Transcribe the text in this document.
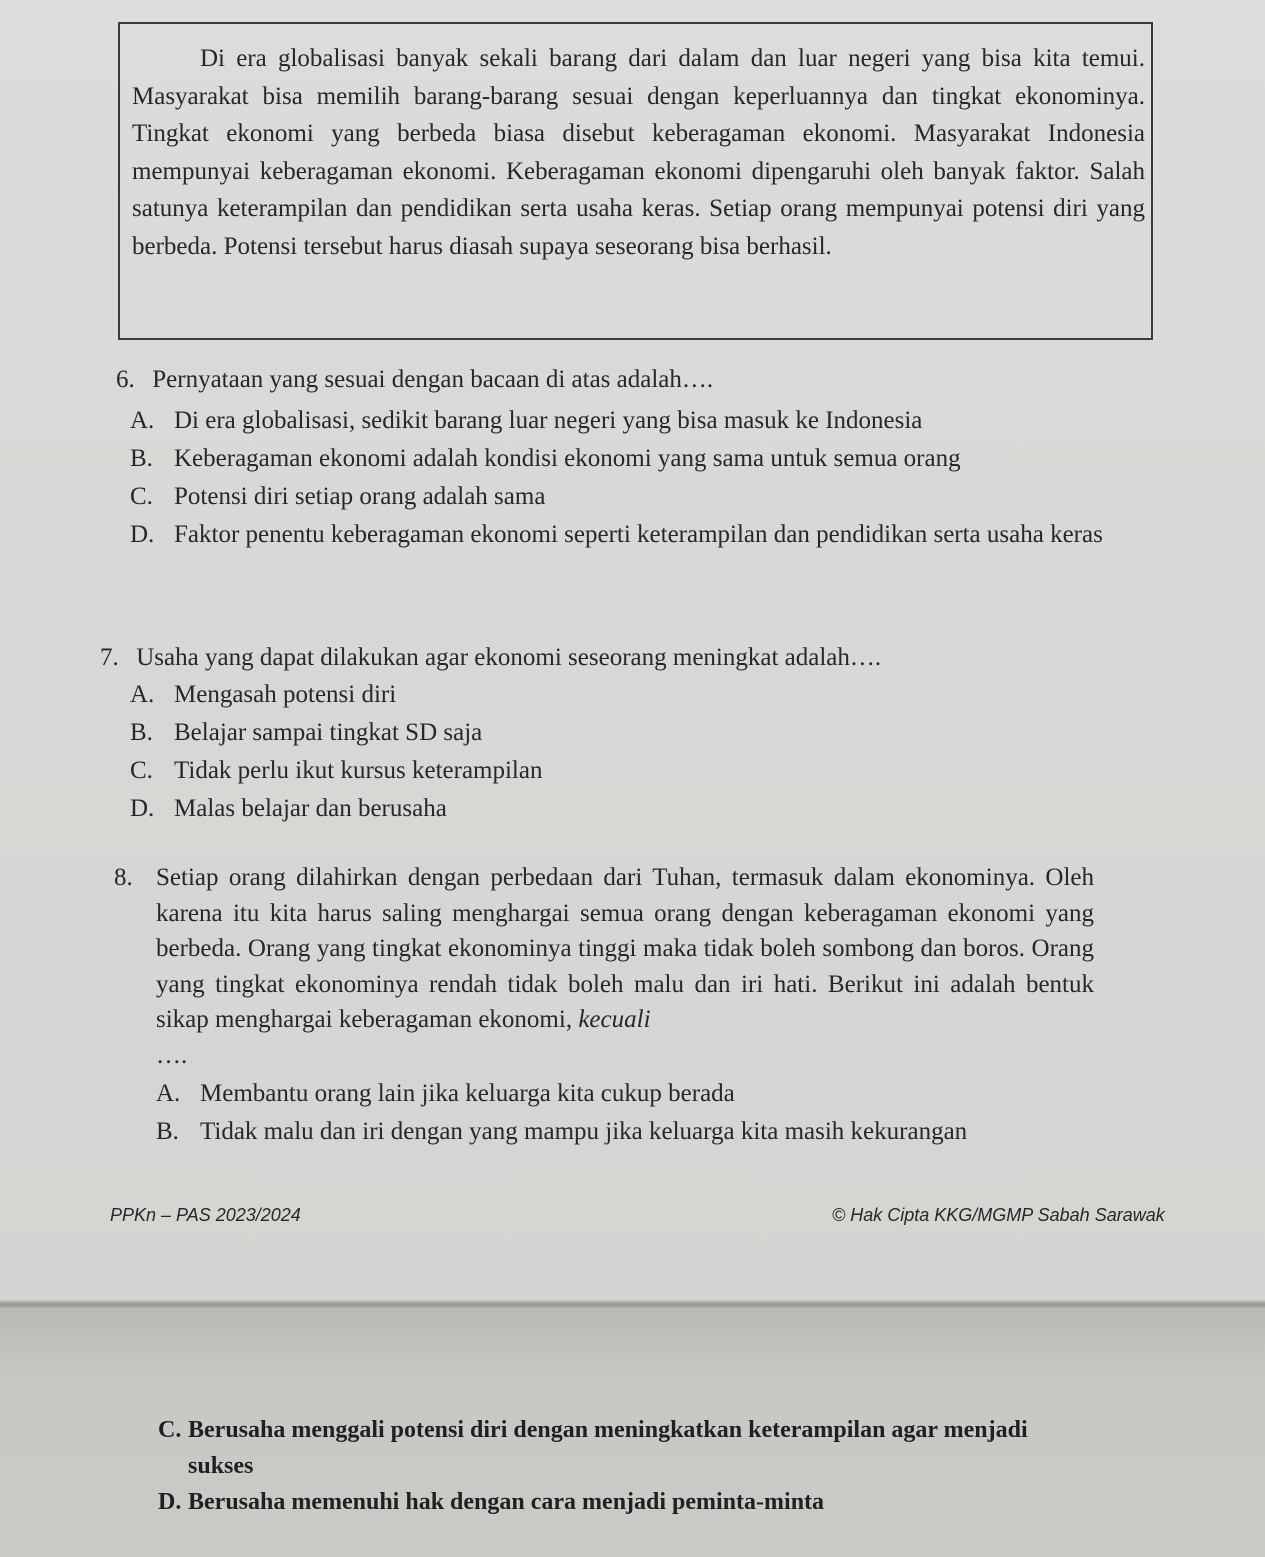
Di era globalisasi banyak sekali barang dari dalam dan luar negeri yang bisa kita temui. Masyarakat bisa memilih barang-barang sesuai dengan keperluannya dan tingkat ekonominya. Tingkat ekonomi yang berbeda biasa disebut keberagaman ekonomi. Masyarakat Indonesia mempunyai keberagaman ekonomi. Keberagaman ekonomi dipengaruhi oleh banyak faktor. Salah satunya keterampilan dan pendidikan serta usaha keras. Setiap orang mempunyai potensi diri yang berbeda. Potensi tersebut harus diasah supaya seseorang bisa berhasil.

6. Pernyataan yang sesuai dengan bacaan di atas adalah….

A. Di era globalisasi, sedikit barang luar negeri yang bisa masuk ke Indonesia
B. Keberagaman ekonomi adalah kondisi ekonomi yang sama untuk semua orang
C. Potensi diri setiap orang adalah sama
D. Faktor penentu keberagaman ekonomi seperti keterampilan dan pendidikan serta usaha keras

7. Usaha yang dapat dilakukan agar ekonomi seseorang meningkat adalah….

A. Mengasah potensi diri
B. Belajar sampai tingkat SD saja
C. Tidak perlu ikut kursus keterampilan
D. Malas belajar dan berusaha

8. Setiap orang dilahirkan dengan perbedaan dari Tuhan, termasuk dalam ekonominya. Oleh karena itu kita harus saling menghargai semua orang dengan keberagaman ekonomi yang berbeda. Orang yang tingkat ekonominya tinggi maka tidak boleh sombong dan boros. Orang yang tingkat ekonominya rendah tidak boleh malu dan iri hati. Berikut ini adalah bentuk sikap menghargai keberagaman ekonomi, kecuali
….

A. Membantu orang lain jika keluarga kita cukup berada
B. Tidak malu dan iri dengan yang mampu jika keluarga kita masih kekurangan
PPKn – PAS 2023/2024	© Hak Cipta KKG/MGMP Sabah Sarawak
C. Berusaha menggali potensi diri dengan meningkatkan keterampilan agar menjadi sukses
D. Berusaha memenuhi hak dengan cara menjadi peminta-minta
